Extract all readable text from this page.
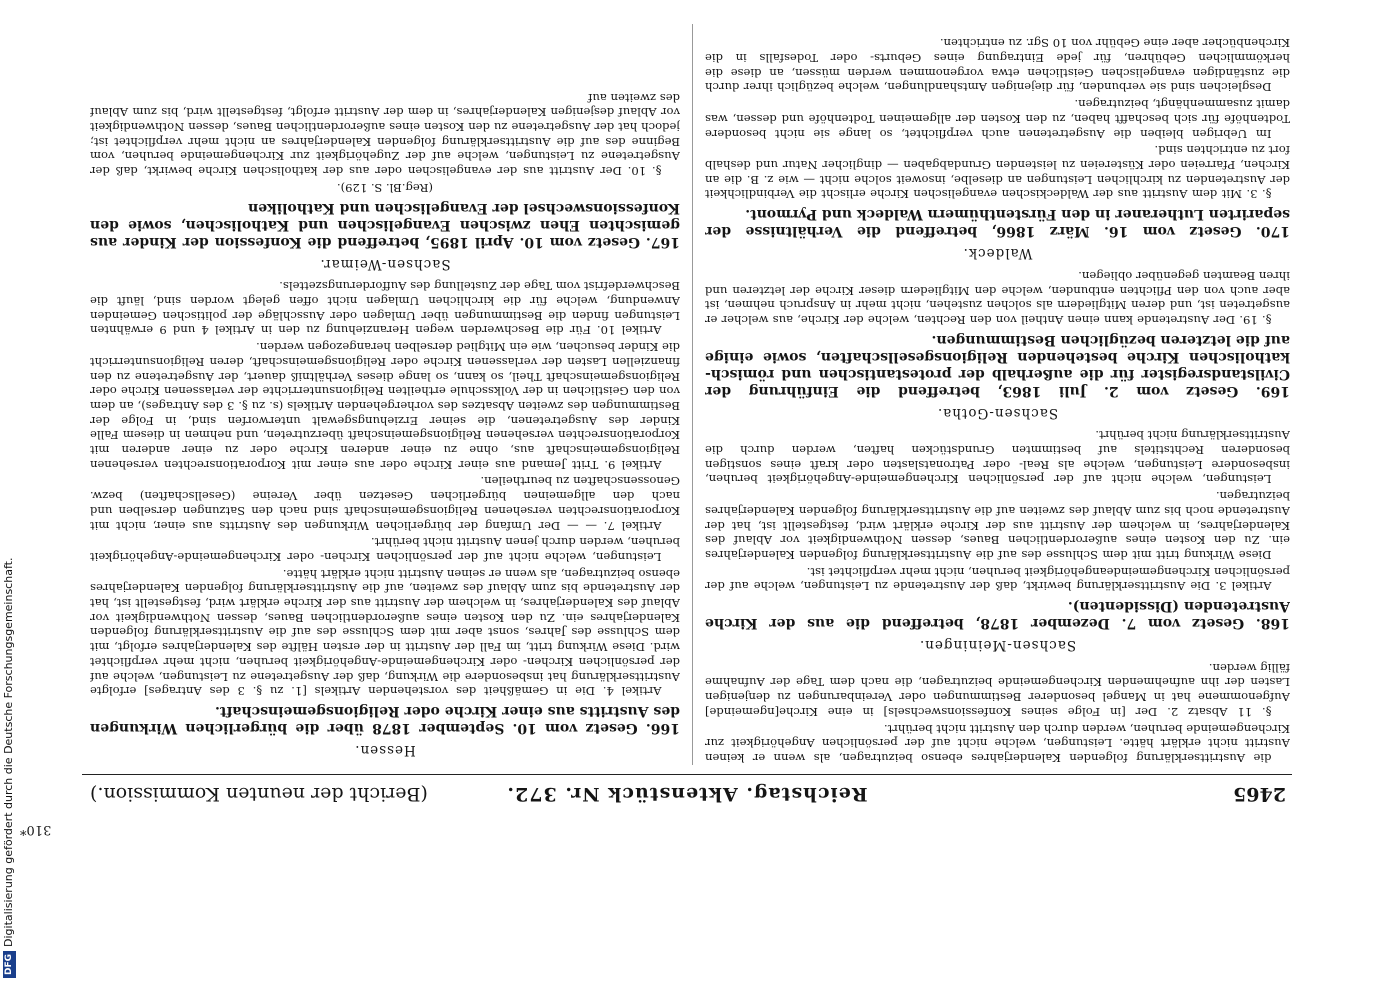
2465
Reichstag. Aktenstück Nr. 372.
(Bericht der neunten Kommission.)

die Austrittserklärung folgenden Kalenderjahres ebenso beizutragen, als wenn er keinen Austritt nicht erklärt hätte. Leistungen, welche nicht auf der persönlichen Angehörigkeit zur Kirchengemeinde beruhen, werden durch den Austritt nicht berührt.

§. 11 Absatz 2. Der [in Folge seines Konfessionswechsels] in eine Kirche[ngemeinde] Aufgenommene hat in Mangel besonderer Bestimmungen oder Vereinbarungen zu denjenigen Lasten der ihn aufnehmenden Kirchengemeinde beizutragen, die nach dem Tage der Aufnahme fällig werden.

Sachsen-Meiningen.

168. Gesetz vom 7. Dezember 1878, betreffend die aus der Kirche Austretenden (Dissidenten).

Artikel 3. Die Austrittserklärung bewirkt, daß der Austretende zu Leistungen, welche auf der persönlichen Kirchengemeindeangehörigkeit beruhen, nicht mehr verpflichtet ist.

Diese Wirkung tritt mit dem Schlusse des auf die Austrittserklärung folgenden Kalenderjahres ein. Zu den Kosten eines außerordentlichen Baues, dessen Nothwendigkeit vor Ablauf des Kalenderjahres, in welchem der Austritt aus der Kirche erklärt wird, festgestellt ist, hat der Austretende noch bis zum Ablauf des zweiten auf die Austrittserklärung folgenden Kalenderjahres beizutragen.

Leistungen, welche nicht auf der persönlichen Kirchengemeinde-Angehörigkeit beruhen, insbesondere Leistungen, welche als Real- oder Patronatslasten oder kraft eines sonstigen besonderen Rechtstitels auf bestimmten Grundstücken haften, werden durch die Austrittserklärung nicht berührt.

Sachsen-Gotha.

169. Gesetz vom 2. Juli 1863, betreffend die Einführung der Civilstandsregister für die außerhalb der protestantischen und römisch-katholischen Kirche bestehenden Religionsgesellschaften, sowie einige auf die letzteren bezüglichen Bestimmungen.

§. 19. Der Austretende kann einen Antheil von den Rechten, welche der Kirche, aus welcher er ausgetreten ist, und deren Mitgliedern als solchen zustehen, nicht mehr in Anspruch nehmen, ist aber auch von den Pflichten entbunden, welche den Mitgliedern dieser Kirche der letzteren und ihren Beamten gegenüber obliegen.

Waldeck.

170. Gesetz vom 16. März 1866, betreffend die Verhältnisse der separirten Lutheraner in den Fürstenthümern Waldeck und Pyrmont.

§. 3. Mit dem Austritt aus der Waldeckischen evangelischen Kirche erlischt die Verbindlichkeit der Austretenden zu kirchlichen Leistungen an dieselbe, insoweit solche nicht — wie z. B. die an Kirchen, Pfarreien oder Küstereien zu leistenden Grundabgaben — dinglicher Natur und deshalb fort zu entrichten sind.

Im Uebrigen bleiben die Ausgetretenen auch verpflichtet, so lange sie nicht besondere Todtenhöfe für sich beschafft haben, zu den Kosten der allgemeinen Todtenhöfe und dessen, was damit zusammenhängt, beizutragen.

Desgleichen sind sie verbunden, für diejenigen Amtshandlungen, welche bezüglich ihrer durch die zuständigen evangelischen Geistlichen etwa vorgenommen werden müssen, an diese die herkömmlichen Gebühren, für jede Eintragung eines Geburts- oder Todesfalls in die Kirchenbücher aber eine Gebühr von 10 Sgr. zu entrichten.

Hessen.

166. Gesetz vom 10. September 1878 über die bürgerlichen Wirkungen des Austritts aus einer Kirche oder Religionsgemeinschaft.

Artikel 4. Die in Gemäßheit des vorstehenden Artikels [1. zu §. 3 des Antrages] erfolgte Austrittserklärung hat insbesondere die Wirkung, daß der Ausgetretene zu Leistungen, welche auf der persönlichen Kirchen- oder Kirchengemeinde-Angehörigkeit beruhen, nicht mehr verpflichtet wird. Diese Wirkung tritt, im Fall der Austritt in der ersten Hälfte des Kalenderjahres erfolgt, mit dem Schlusse des Jahres, sonst aber mit dem Schlusse des auf die Austrittserklärung folgenden Kalenderjahres ein. Zu den Kosten eines außerordentlichen Baues, dessen Nothwendigkeit vor Ablauf des Kalenderjahres, in welchem der Austritt aus der Kirche erklärt wird, festgestellt ist, hat der Austretende bis zum Ablauf des zweiten, auf die Austrittserklärung folgenden Kalenderjahres ebenso beizutragen, als wenn er seinen Austritt nicht erklärt hätte.

Leistungen, welche nicht auf der persönlichen Kirchen- oder Kirchengemeinde-Angehörigkeit beruhen, werden durch jenen Austritt nicht berührt.

Artikel 7. — — Der Umfang der bürgerlichen Wirkungen des Austritts aus einer, nicht mit Korporationsrechten versehenen Religionsgemeinschaft sind nach den Satzungen derselben und nach den allgemeinen bürgerlichen Gesetzen über Vereine (Gesellschaften) bezw. Genossenschaften zu beurtheilen.

Artikel 9. Tritt Jemand aus einer Kirche oder aus einer mit Korporationsrechten versehenen Religionsgemeinschaft aus, ohne zu einer anderen Kirche oder zu einer anderen mit Korporationsrechten versehenen Religionsgemeinschaft überzutreten, und nehmen in diesem Falle Kinder des Ausgetretenen, die seiner Erziehungsgewalt unterworfen sind, in Folge der Bestimmungen des zweiten Absatzes des vorhergehenden Artikels (s. zu §. 3 des Antrages), an dem von den Geistlichen in der Volksschule ertheilten Religionsunterrichte der verlassenen Kirche oder Religionsgemeinschaft Theil, so kann, so lange dieses Verhältniß dauert, der Ausgetretene zu den finanziellen Lasten der verlassenen Kirche oder Religionsgemeinschaft, deren Religionsunterricht die Kinder besuchen, wie ein Mitglied derselben herangezogen werden.

Artikel 10. Für die Beschwerden wegen Heranziehung zu den in Artikel 4 und 9 erwähnten Leistungen finden die Bestimmungen über Umlagen oder Ausschläge der politischen Gemeinden Anwendung, welche für die kirchlichen Umlagen nicht offen gelegt worden sind, läuft die Beschwerdefrist vom Tage der Zustellung des Aufforderungszettels.

Sachsen-Weimar.

167. Gesetz vom 10. April 1895, betreffend die Konfession der Kinder aus gemischten Ehen zwischen Evangelischen und Katholischen, sowie den Konfessionswechsel der Evangelischen und Katholiken

(Reg.Bl. S. 129).

§. 10. Der Austritt aus der evangelischen oder aus der katholischen Kirche bewirkt, daß der Ausgetretene zu Leistungen, welche auf der Zugehörigkeit zur Kirchengemeinde beruhen, vom Beginne des auf die Austrittserklärung folgenden Kalenderjahres an nicht mehr verpflichtet ist; jedoch hat der Ausgetretene zu den Kosten eines außerordentlichen Baues, dessen Nothwendigkeit vor Ablauf desjenigen Kalenderjahres, in dem der Austritt erfolgt, festgestellt wird, bis zum Ablauf des zweiten auf

310*
DFG
Digitalisierung gefördert durch die Deutsche Forschungsgemeinschaft.
